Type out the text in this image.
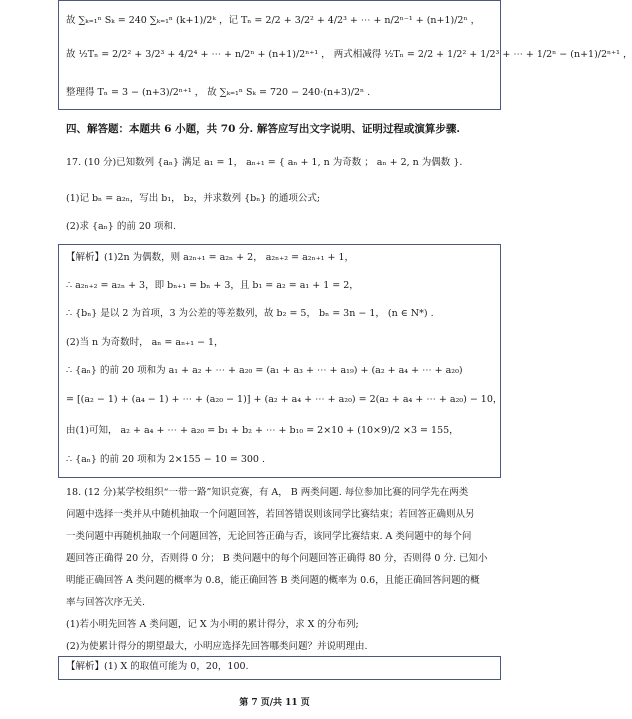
故 ∑ₖ₌₁ⁿ Sₖ = 240 ∑ₖ₌₁ⁿ (k+1)/2ᵏ ，记 Tₙ = 2/2 + 3/2² + 4/2³ + ⋯ + n/2ⁿ⁻¹ + (n+1)/2ⁿ ，
故 ½Tₙ = 2/2² + 3/2³ + 4/2⁴ + ⋯ + n/2ⁿ + (n+1)/2ⁿ⁺¹ ， 两式相减得 ½Tₙ = 2/2 + 1/2² + 1/2³ + ⋯ + 1/2ⁿ − (n+1)/2ⁿ⁺¹ ，
整理得 Tₙ = 3 − (n+3)/2ⁿ⁺¹ ， 故 ∑ₖ₌₁ⁿ Sₖ = 720 − 240·(n+3)/2ⁿ .
四、解答题：本题共 6 小题，共 70 分. 解答应写出文字说明、证明过程或演算步骤.
17. (10 分)已知数列 {aₙ} 满足 a₁ = 1， aₙ₊₁ = { aₙ + 1, n 为奇数 ； aₙ + 2, n 为偶数 }.
(1)记 bₙ = a₂ₙ，写出 b₁， b₂，并求数列 {bₙ} 的通项公式;
(2)求 {aₙ} 的前 20 项和.
【解析】(1)2n 为偶数，则 a₂ₙ₊₁ = a₂ₙ + 2， a₂ₙ₊₂ = a₂ₙ₊₁ + 1，
∴ a₂ₙ₊₂ = a₂ₙ + 3，即 bₙ₊₁ = bₙ + 3，且 b₁ = a₂ = a₁ + 1 = 2，
∴ {bₙ} 是以 2 为首项，3 为公差的等差数列，故 b₂ = 5， bₙ = 3n − 1， (n ∈ N*) .
(2)当 n 为奇数时， aₙ = aₙ₊₁ − 1，
∴ {aₙ} 的前 20 项和为 a₁ + a₂ + ⋯ + a₂₀ = (a₁ + a₃ + ⋯ + a₁₉) + (a₂ + a₄ + ⋯ + a₂₀)
= [(a₂ − 1) + (a₄ − 1) + ⋯ + (a₂₀ − 1)] + (a₂ + a₄ + ⋯ + a₂₀) = 2(a₂ + a₄ + ⋯ + a₂₀) − 10，
由(1)可知， a₂ + a₄ + ⋯ + a₂₀ = b₁ + b₂ + ⋯ + b₁₀ = 2×10 + (10×9)/2 ×3 = 155，
∴ {aₙ} 的前 20 项和为 2×155 − 10 = 300 .
18. (12 分)某学校组织“一带一路”知识竞赛，有 A， B 两类问题. 每位参加比赛的同学先在两类
问题中选择一类并从中随机抽取一个问题回答，若回答错误则该同学比赛结束；若回答正确则从另
一类问题中再随机抽取一个问题回答，无论回答正确与否，该同学比赛结束. A 类问题中的每个问
题回答正确得 20 分，否则得 0 分； B 类问题中的每个问题回答正确得 80 分，否则得 0 分. 已知小
明能正确回答 A 类问题的概率为 0.8，能正确回答 B 类问题的概率为 0.6，且能正确回答问题的概
率与回答次序无关.
(1)若小明先回答 A 类问题，记 X 为小明的累计得分，求 X 的分布列;
(2)为使累计得分的期望最大，小明应选择先回答哪类问题？并说明理由.
【解析】(1) X 的取值可能为 0，20，100.
第 7 页/共 11 页
